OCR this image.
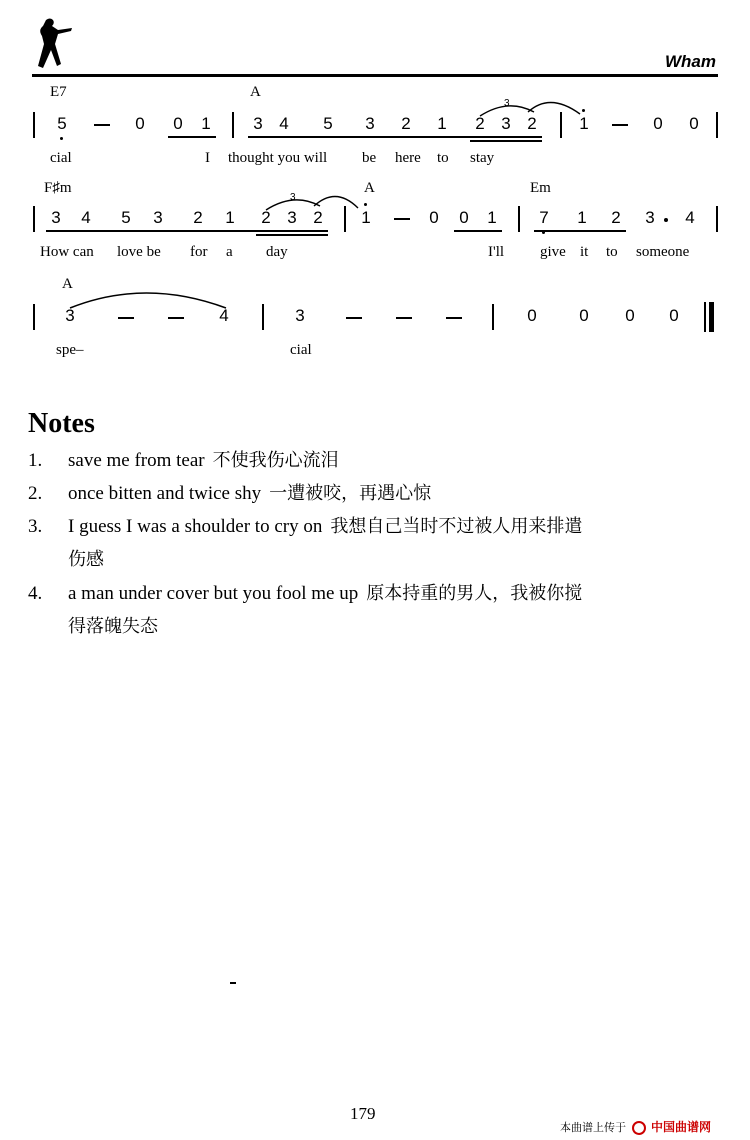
Wham
E7	A
5	0	0	1	3 4	5	3	2	1	2 3 2
3
1	0	0
cial	I thought you will be here to stay
F♯m	A	Em
3	4	5	3	2	1	2 3 2
3
1	0	0	1	7	1	2	3	4
How can love be for a day	I'll give it to someone
A
3	4	3	0	0	0	0
spe–	cial
Notes
1. save me from tear 不使我伤心流泪
2. once bitten and twice shy 一遭被咬，再遇心惊
3. I guess I was a shoulder to cry on 我想自己当时不过被人用来排遣
伤感
4. a man under cover but you fool me up 原本持重的男人，我被你搅
得落魄失态
179
本曲谱上传于 中国曲谱网
